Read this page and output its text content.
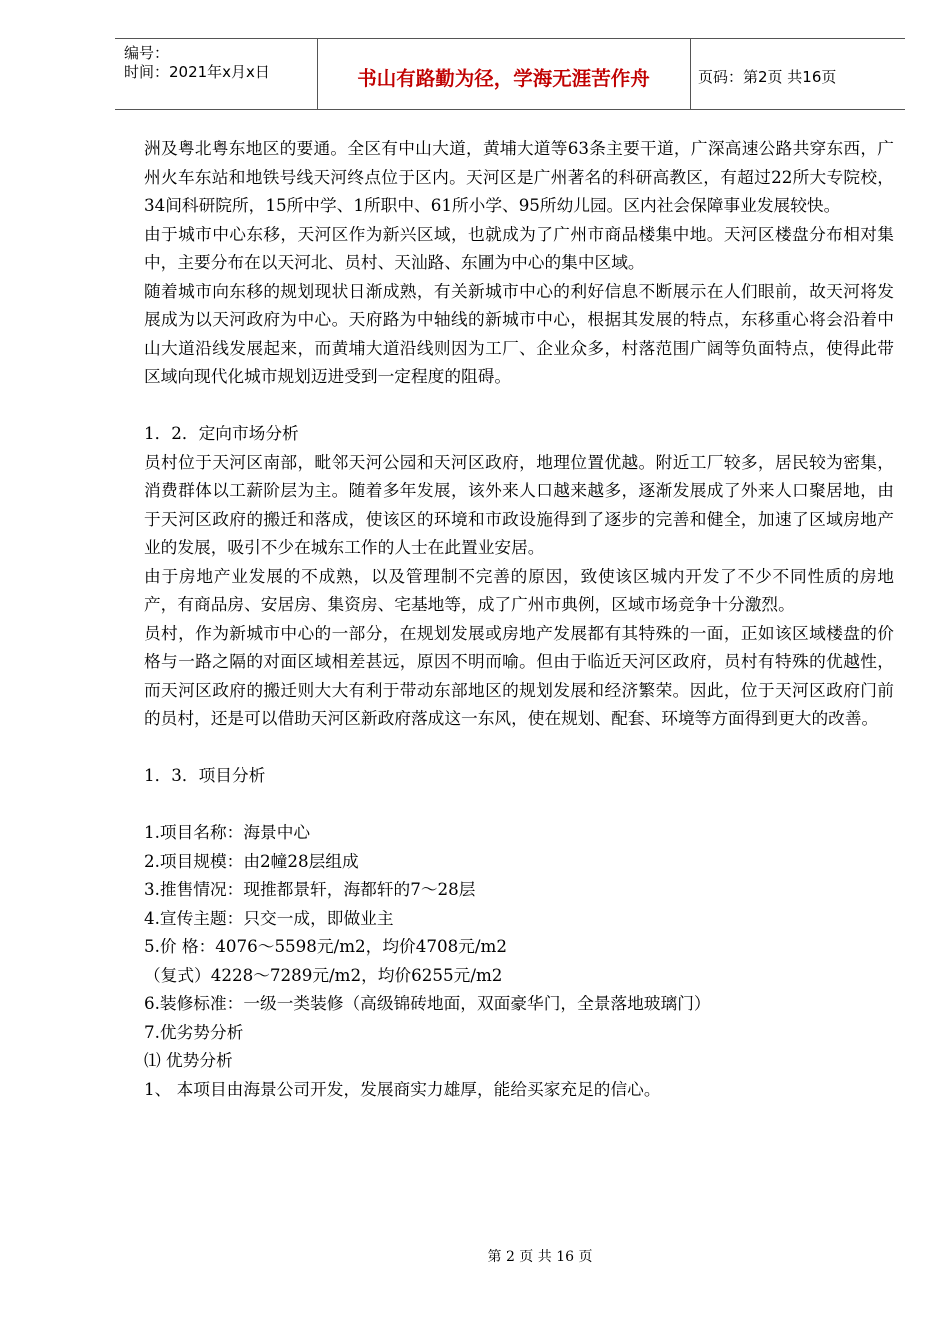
编号：
时间：2021年x月x日	书山有路勤为径，学海无涯苦作舟	页码：第2页 共16页

洲及粤北粤东地区的要通。全区有中山大道，黄埔大道等63条主要干道，广深高速公路共穿东西，广州火车东站和地铁号线天河终点位于区内。天河区是广州著名的科研高教区，有超过22所大专院校，34间科研院所，15所中学、1所职中、61所小学、95所幼儿园。区内社会保障事业发展较快。

由于城市中心东移，天河区作为新兴区域，也就成为了广州市商品楼集中地。天河区楼盘分布相对集中，主要分布在以天河北、员村、天汕路、东圃为中心的集中区域。

随着城市向东移的规划现状日渐成熟，有关新城市中心的利好信息不断展示在人们眼前，故天河将发展成为以天河政府为中心。天府路为中轴线的新城市中心，根据其发展的特点，东移重心将会沿着中山大道沿线发展起来，而黄埔大道沿线则因为工厂、企业众多，村落范围广阔等负面特点，使得此带区域向现代化城市规划迈进受到一定程度的阻碍。

1．2．定向市场分析

员村位于天河区南部，毗邻天河公园和天河区政府，地理位置优越。附近工厂较多，居民较为密集，消费群体以工薪阶层为主。随着多年发展，该外来人口越来越多，逐渐发展成了外来人口聚居地，由于天河区政府的搬迁和落成，使该区的环境和市政设施得到了逐步的完善和健全，加速了区域房地产业的发展，吸引不少在城东工作的人士在此置业安居。

由于房地产业发展的不成熟，以及管理制不完善的原因，致使该区城内开发了不少不同性质的房地产，有商品房、安居房、集资房、宅基地等，成了广州市典例，区域市场竞争十分激烈。

员村，作为新城市中心的一部分，在规划发展或房地产发展都有其特殊的一面，正如该区域楼盘的价格与一路之隔的对面区域相差甚远，原因不明而喻。但由于临近天河区政府，员村有特殊的优越性，而天河区政府的搬迁则大大有利于带动东部地区的规划发展和经济繁荣。因此，位于天河区政府门前的员村，还是可以借助天河区新政府落成这一东风，使在规划、配套、环境等方面得到更大的改善。

1．3．项目分析

1.项目名称：海景中心

2.项目规模：由2幢28层组成

3.推售情况：现推都景轩，海都轩的7～28层

4.宣传主题：只交一成，即做业主

5.价 格：4076～5598元/m2，均价4708元/m2

（复式）4228～7289元/m2，均价6255元/m2

6.装修标准：一级一类装修（高级锦砖地面，双面豪华门，全景落地玻璃门）

7.优劣势分析

⑴ 优势分析

1、 本项目由海景公司开发，发展商实力雄厚，能给买家充足的信心。

第 2 页 共 16 页
